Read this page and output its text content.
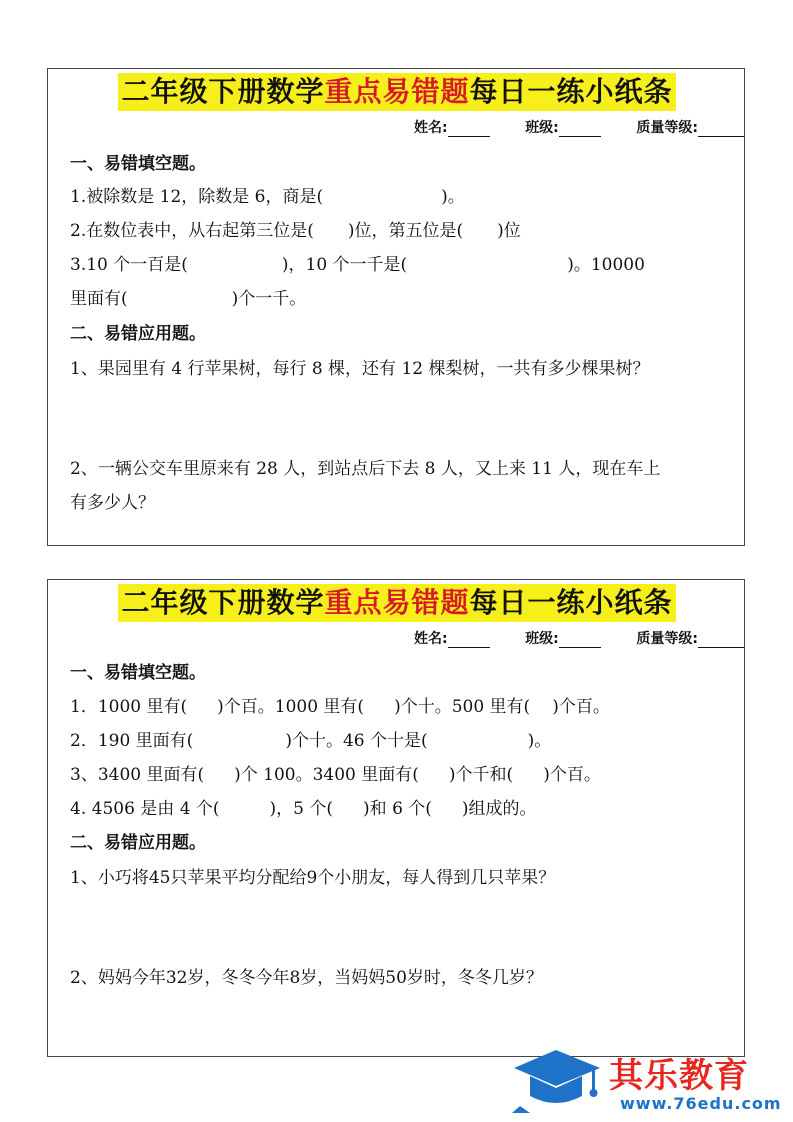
二年级下册数学重点易错题每日一练小纸条
姓名:	班级:	质量等级:
一、易错填空题。
1.被除数是 12，除数是 6，商是(	)。
2.在数位表中，从右起第三位是( )位，第五位是( )位
3.10 个一百是(	)，10 个一千是(	)。10000
里面有(	)个一千。
二、易错应用题。
1、果园里有 4 行苹果树，每行 8 棵，还有 12 棵梨树，一共有多少棵果树？
2、一辆公交车里原来有 28 人，到站点后下去 8 人，又上来 11 人，现在车上
有多少人？
二年级下册数学重点易错题每日一练小纸条
姓名:	班级:	质量等级:
一、易错填空题。
1．1000 里有( )个百。1000 里有( )个十。500 里有( )个百。
2．190 里面有(	)个十。46 个十是(	)。
3、3400 里面有( )个 100。3400 里面有( )个千和( )个百。
4. 4506 是由 4 个(	)，5 个( )和 6 个( )组成的。
二、易错应用题。
1、小巧将45只苹果平均分配给9个小朋友，每人得到几只苹果？
2、妈妈今年32岁，冬冬今年8岁，当妈妈50岁时，冬冬几岁？
其乐教育
www.76edu.com
